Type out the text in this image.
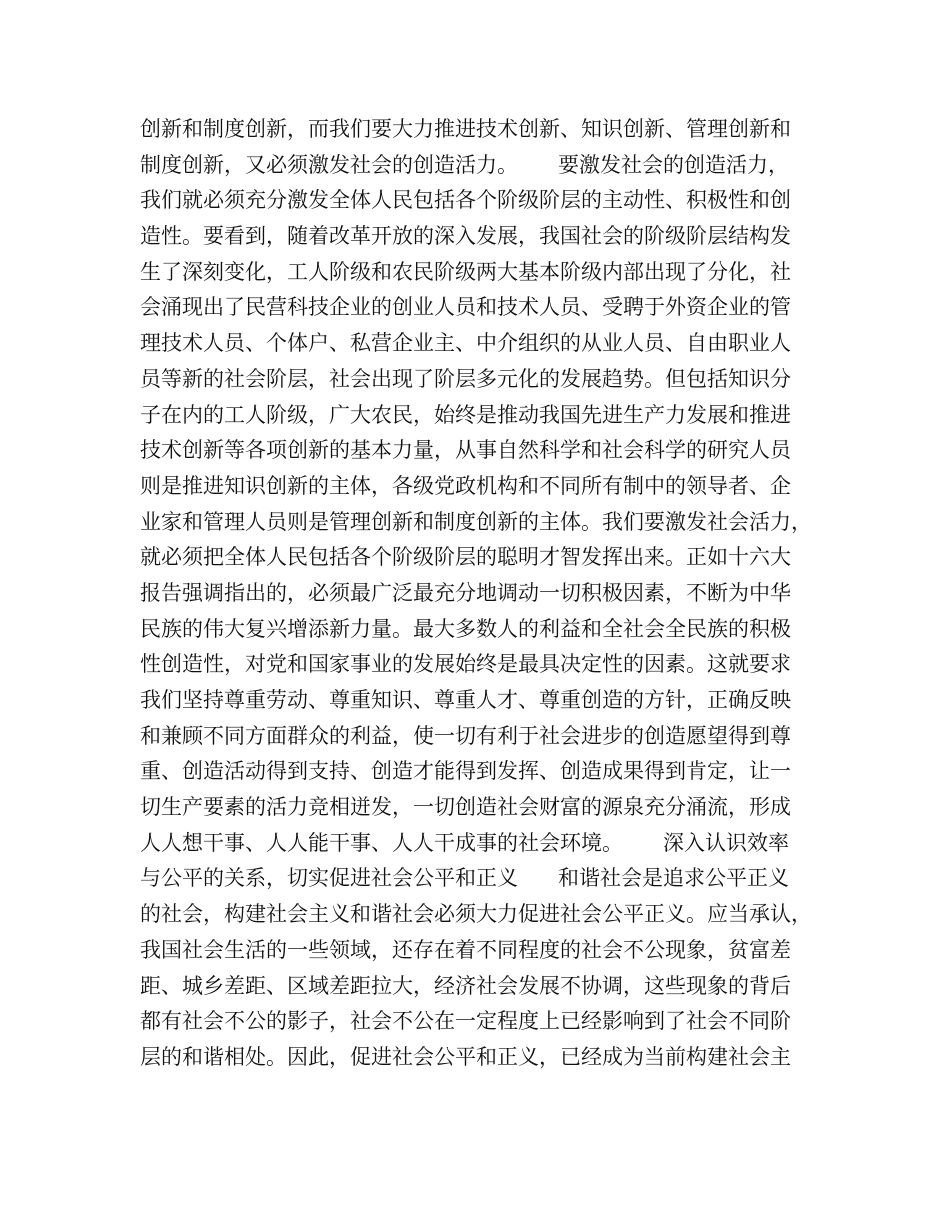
创新和制度创新，而我们要大力推进技术创新、知识创新、管理创新和
制度创新，又必须激发社会的创造活力。      要激发社会的创造活力，
我们就必须充分激发全体人民包括各个阶级阶层的主动性、积极性和创
造性。要看到，随着改革开放的深入发展，我国社会的阶级阶层结构发
生了深刻变化，工人阶级和农民阶级两大基本阶级内部出现了分化，社
会涌现出了民营科技企业的创业人员和技术人员、受聘于外资企业的管
理技术人员、个体户、私营企业主、中介组织的从业人员、自由职业人
员等新的社会阶层，社会出现了阶层多元化的发展趋势。但包括知识分
子在内的工人阶级，广大农民，始终是推动我国先进生产力发展和推进
技术创新等各项创新的基本力量，从事自然科学和社会科学的研究人员
则是推进知识创新的主体，各级党政机构和不同所有制中的领导者、企
业家和管理人员则是管理创新和制度创新的主体。我们要激发社会活力，
就必须把全体人民包括各个阶级阶层的聪明才智发挥出来。正如十六大
报告强调指出的，必须最广泛最充分地调动一切积极因素，不断为中华
民族的伟大复兴增添新力量。最大多数人的利益和全社会全民族的积极
性创造性，对党和国家事业的发展始终是最具决定性的因素。这就要求
我们坚持尊重劳动、尊重知识、尊重人才、尊重创造的方针，正确反映
和兼顾不同方面群众的利益，使一切有利于社会进步的创造愿望得到尊
重、创造活动得到支持、创造才能得到发挥、创造成果得到肯定，让一
切生产要素的活力竞相迸发，一切创造社会财富的源泉充分涌流，形成
人人想干事、人人能干事、人人干成事的社会环境。      深入认识效率
与公平的关系，切实促进社会公平和正义      和谐社会是追求公平正义
的社会，构建社会主义和谐社会必须大力促进社会公平正义。应当承认，
我国社会生活的一些领域，还存在着不同程度的社会不公现象，贫富差
距、城乡差距、区域差距拉大，经济社会发展不协调，这些现象的背后
都有社会不公的影子，社会不公在一定程度上已经影响到了社会不同阶
层的和谐相处。因此，促进社会公平和正义，已经成为当前构建社会主
